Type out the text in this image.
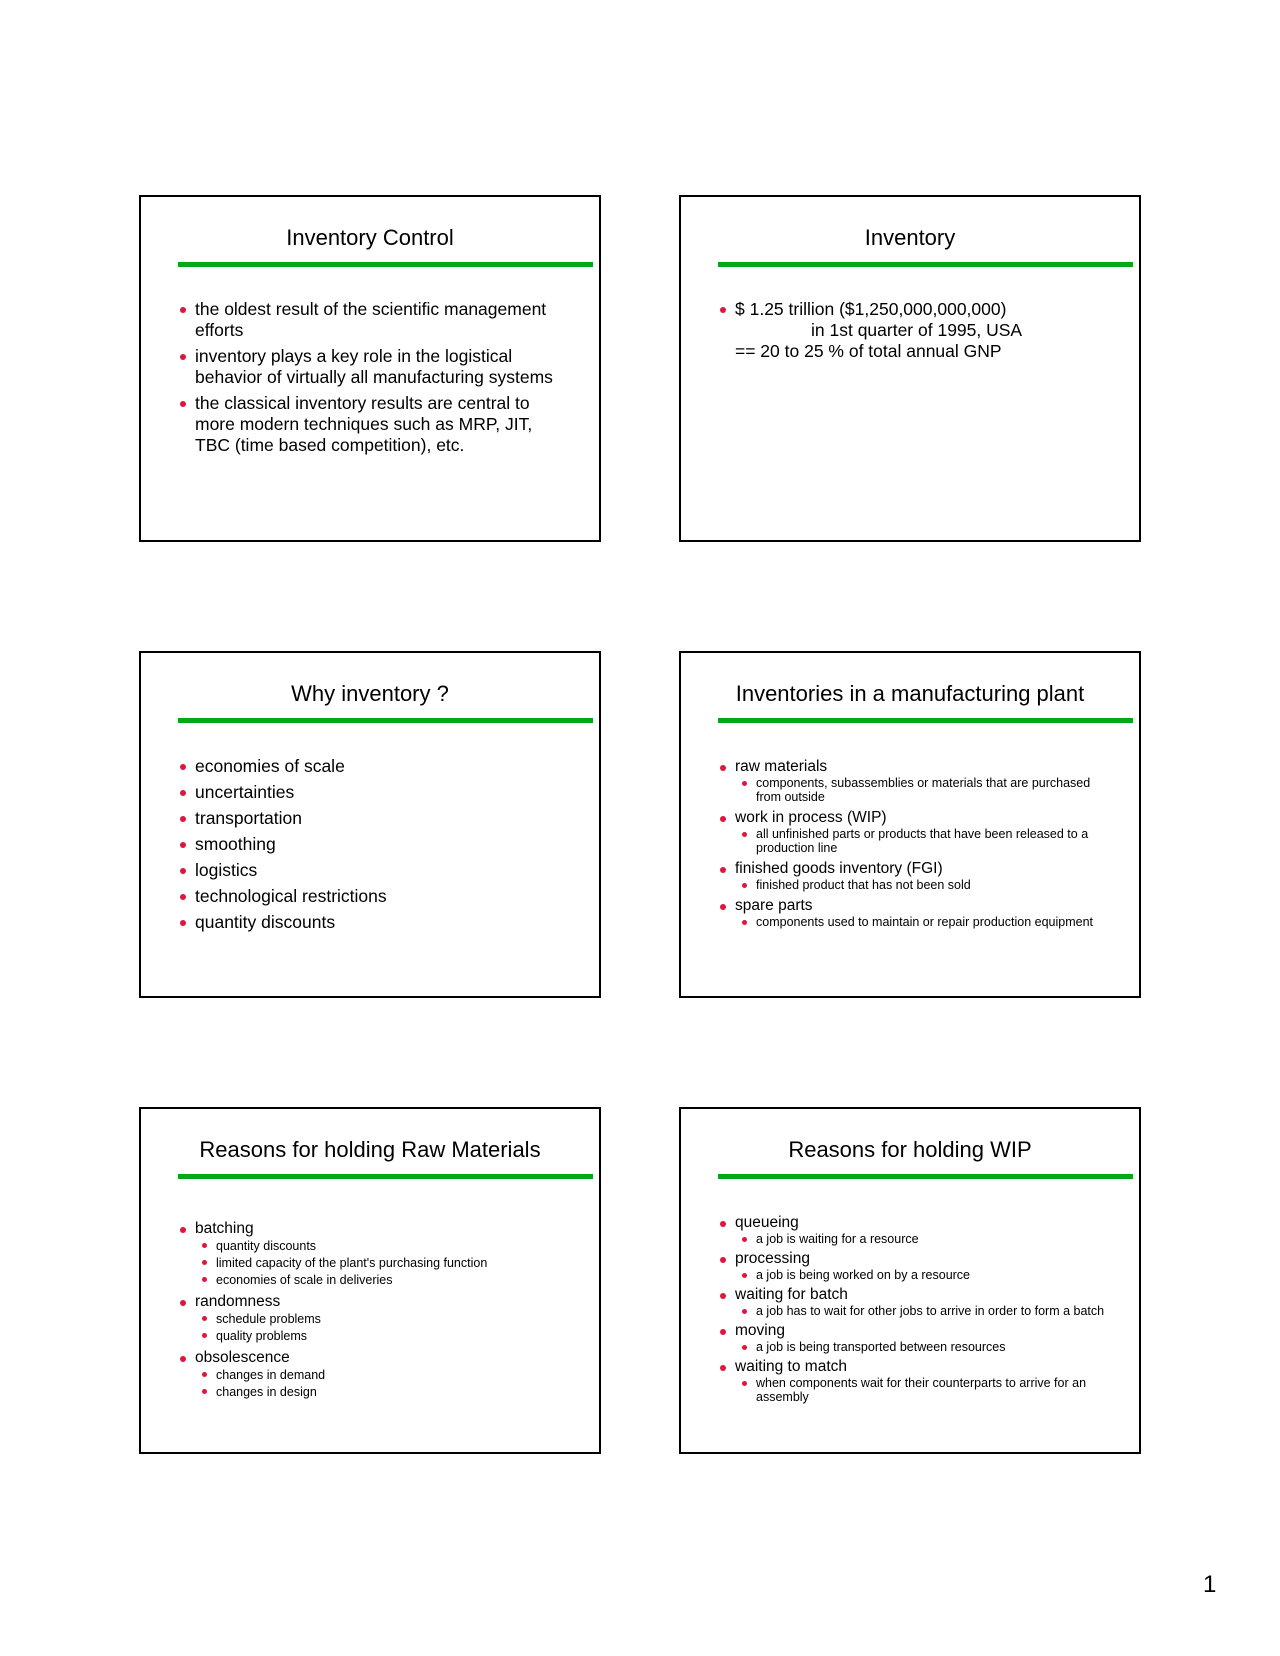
Inventory Control
the oldest result of the scientific management efforts
inventory plays a key role in the logistical behavior of virtually all manufacturing systems
the classical inventory results are central to more modern techniques such as MRP, JIT, TBC (time based competition), etc.
Inventory
$ 1.25 trillion ($1,250,000,000,000)
in 1st quarter of 1995, USA
== 20 to 25 % of total annual GNP
Why inventory ?
economies of scale
uncertainties
transportation
smoothing
logistics
technological restrictions
quantity discounts
Inventories in a manufacturing plant
raw materials
components, subassemblies or materials that are purchased from outside
work in process (WIP)
all unfinished parts or products that have been released to a production line
finished goods inventory (FGI)
finished product that has not been sold
spare parts
components used to maintain or repair production equipment
Reasons for holding Raw Materials
batching
quantity discounts
limited capacity of the plant's purchasing function
economies of scale in deliveries
randomness
schedule problems
quality problems
obsolescence
changes in demand
changes in design
Reasons for holding WIP
queueing
a job is waiting for a resource
processing
a job is being worked on by a resource
waiting for batch
a job has to wait for other jobs to arrive in order to form a batch
moving
a job is being transported between resources
waiting to match
when components wait for their counterparts to arrive for an assembly
1
